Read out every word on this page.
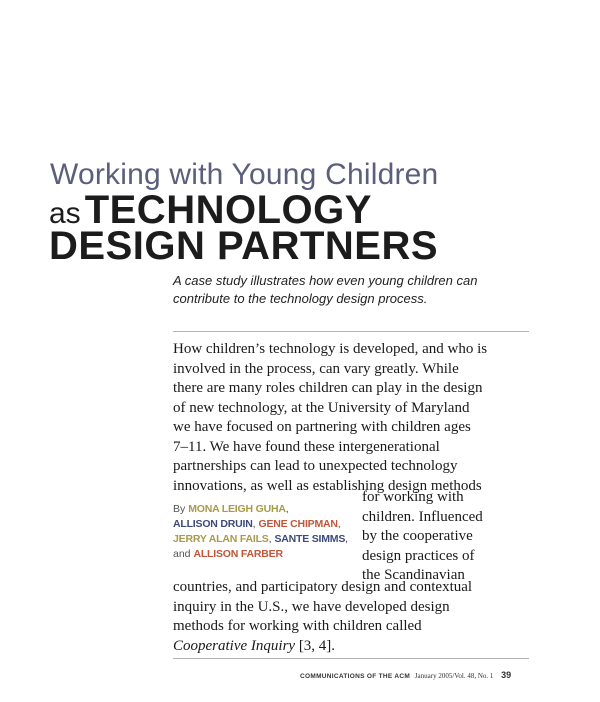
Working with Young Children
as TECHNOLOGY
DESIGN PARTNERS
A case study illustrates how even young children can contribute to the technology design process.
How children’s technology is developed, and who is
involved in the process, can vary greatly. While
there are many roles children can play in the design
of new technology, at the University of Maryland
we have focused on partnering with children ages
7–11. We have found these intergenerational
partnerships can lead to unexpected technology
innovations, as well as establishing design methods
By MONA LEIGH GUHA,
ALLISON DRUIN, GENE CHIPMAN,
JERRY ALAN FAILS, SANTE SIMMS,
and ALLISON FARBER
for working with
children. Influenced
by the cooperative
design practices of
the Scandinavian
countries, and participatory design and contextual
inquiry in the U.S., we have developed design
methods for working with children called
Cooperative Inquiry [3, 4].
COMMUNICATIONS OF THE ACM January 2005/Vol. 48, No. 1 39
